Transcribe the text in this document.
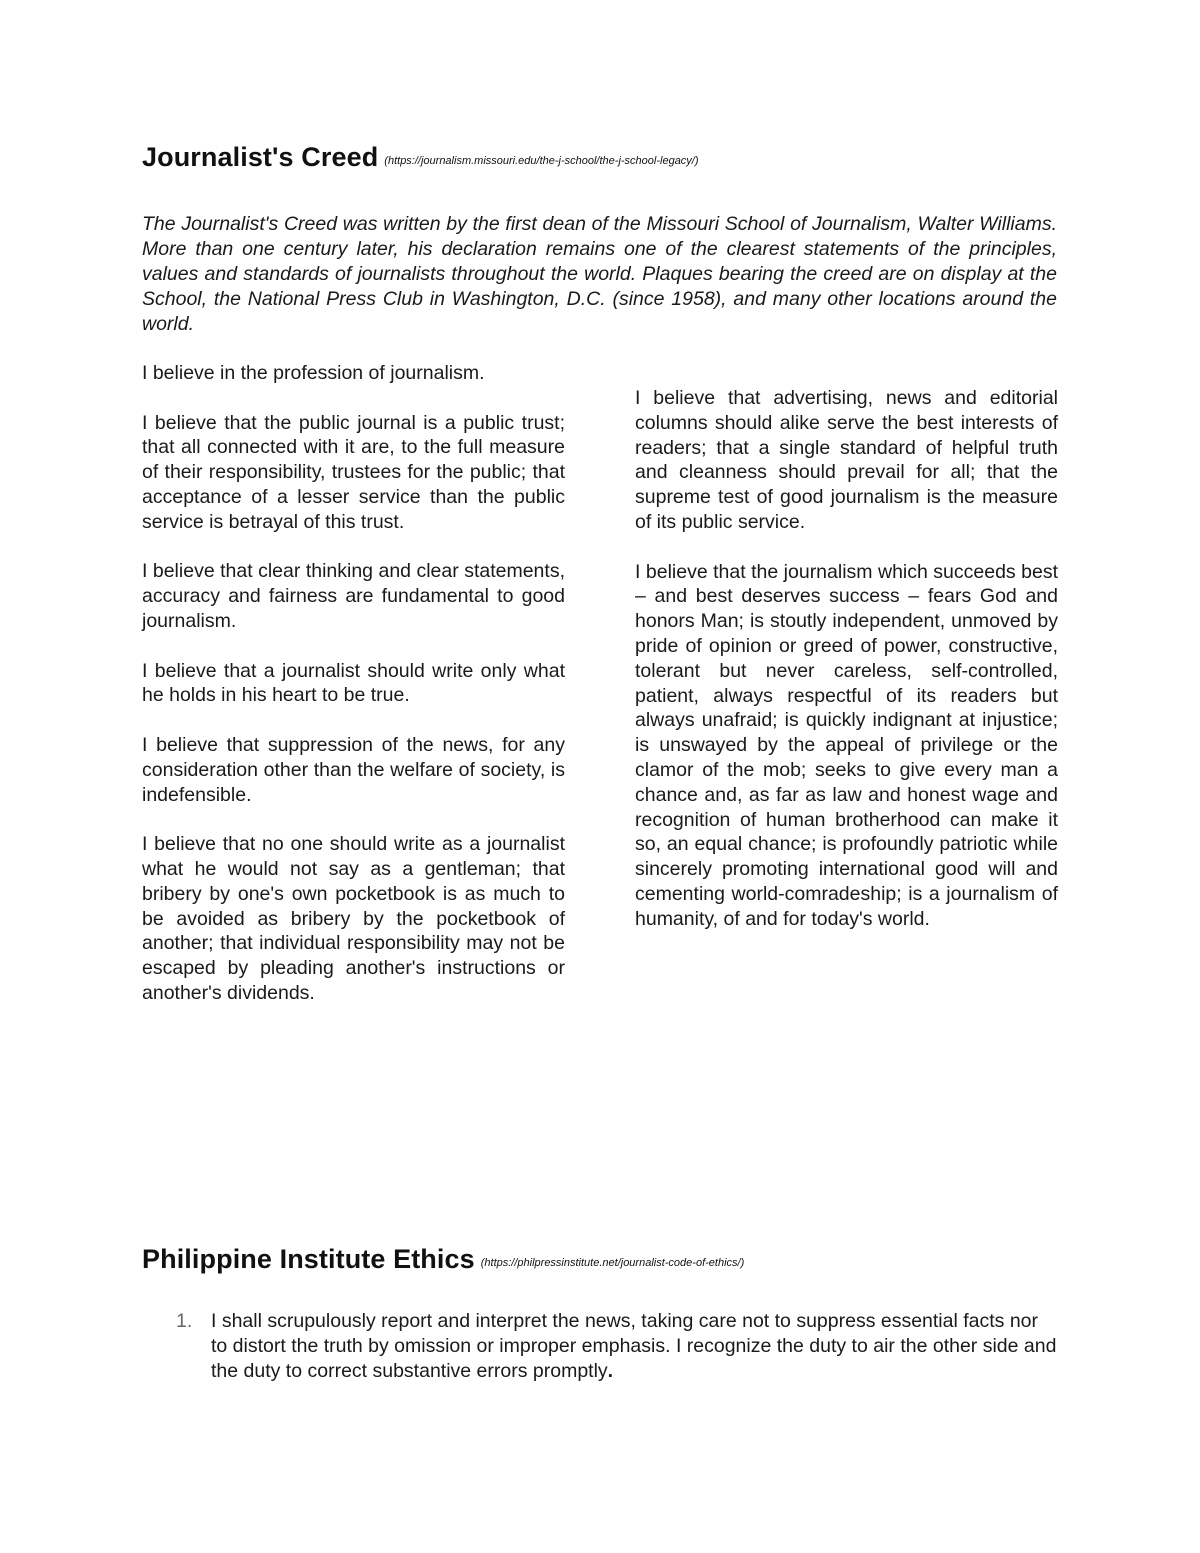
Journalist's Creed (https://journalism.missouri.edu/the-j-school/the-j-school-legacy/)

The Journalist's Creed was written by the first dean of the Missouri School of Journalism, Walter Williams. More than one century later, his declaration remains one of the clearest statements of the principles, values and standards of journalists throughout the world. Plaques bearing the creed are on display at the School, the National Press Club in Washington, D.C. (since 1958), and many other locations around the world.

I believe in the profession of journalism.

I believe that the public journal is a public trust; that all connected with it are, to the full measure of their responsibility, trustees for the public; that acceptance of a lesser service than the public service is betrayal of this trust.

I believe that clear thinking and clear statements, accuracy and fairness are fundamental to good journalism.

I believe that a journalist should write only what he holds in his heart to be true.

I believe that suppression of the news, for any consideration other than the welfare of society, is indefensible.

I believe that no one should write as a journalist what he would not say as a gentleman; that bribery by one's own pocketbook is as much to be avoided as bribery by the pocketbook of another; that individual responsibility may not be escaped by pleading another's instructions or another's dividends.

I believe that advertising, news and editorial columns should alike serve the best interests of readers; that a single standard of helpful truth and cleanness should prevail for all; that the supreme test of good journalism is the measure of its public service.

I believe that the journalism which succeeds best – and best deserves success – fears God and honors Man; is stoutly independent, unmoved by pride of opinion or greed of power, constructive, tolerant but never careless, self-controlled, patient, always respectful of its readers but always unafraid; is quickly indignant at injustice; is unswayed by the appeal of privilege or the clamor of the mob; seeks to give every man a chance and, as far as law and honest wage and recognition of human brotherhood can make it so, an equal chance; is profoundly patriotic while sincerely promoting international good will and cementing world-comradeship; is a journalism of humanity, of and for today's world.

Philippine Institute Ethics (https://philpressinstitute.net/journalist-code-of-ethics/)
1. I shall scrupulously report and interpret the news, taking care not to suppress essential facts nor to distort the truth by omission or improper emphasis. I recognize the duty to air the other side and the duty to correct substantive errors promptly.
